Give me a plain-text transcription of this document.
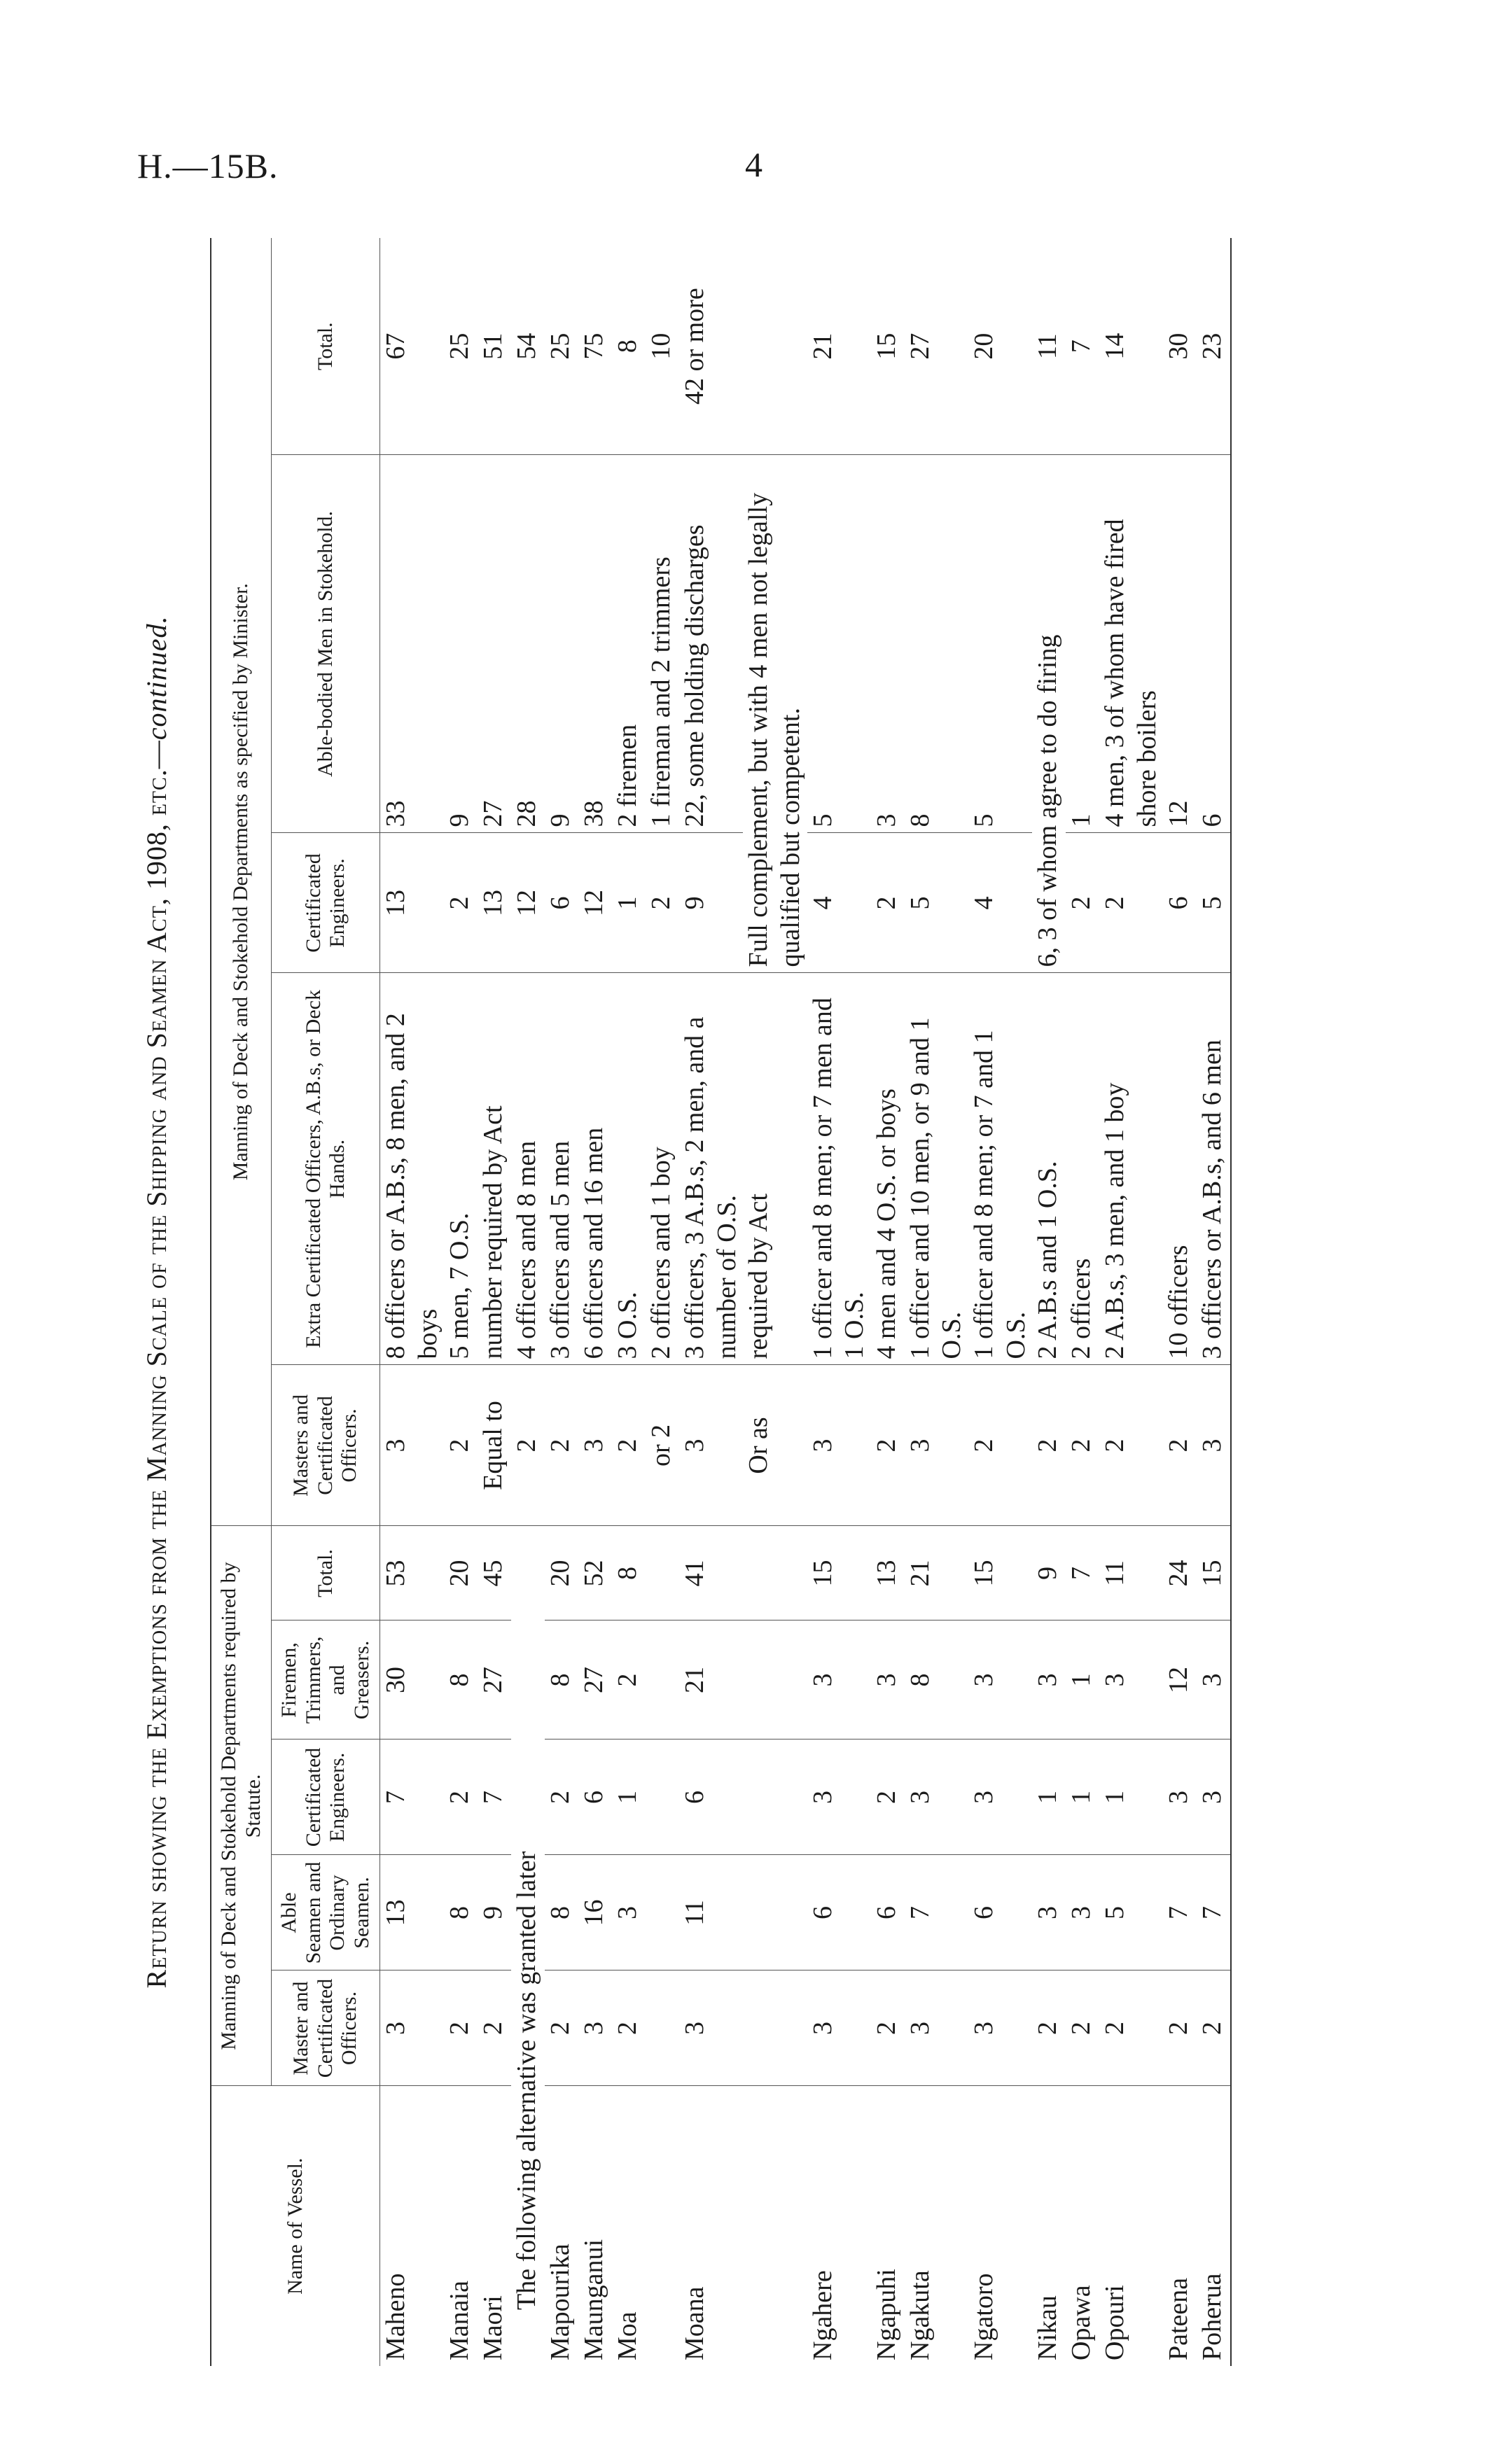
H.—15B.	4
Return showing the Exemptions from the Manning Scale of the Shipping and Seamen Act, 1908, etc.—continued.
Name of Vessel.	Manning of Deck and Stokehold Departments required by Statute.					Manning of Deck and Stokehold Departments as specified by Minister.				
	Master and Certificated Officers.	Able Seamen and Ordinary Seamen.	Certificated Engineers.	Firemen, Trimmers, and Greasers.	Total.	Masters and Certificated Officers.	Extra Certificated Officers, A.B.s, or Deck Hands.	Certificated Engineers.	Able-bodied Men in Stokehold.	Total.
Maheno	3	13	7	30	53	3	8 officers or A.B.s, 8 men, and 2 boys	13	33	67
Manaia	2	8	2	8	20	2	5 men, 7 O.S.	2	9	25
Maori	2	9	7	27	45	Equal to	number required by Act	13	27	51
The following alternative was granted later						2	4 officers and 8 men	12	28	54
Mapourika	2	8	2	8	20	2	3 officers and 5 men	6	9	25
Maunganui	3	16	6	27	52	3	6 officers and 16 men	12	38	75
Moa	2	3	1	2	8	2	3 O.S.	1	2 firemen	8
						or 2	2 officers and 1 boy	2	1 fireman and 2 trimmers	10
Moana	3	11	6	21	41	3	3 officers, 3 A.B.s, 2 men, and a number of O.S.	9	22, some holding discharges	42 or more
						Or as	required by Act	Full complement, but with 4 men not legally qualified but competent.		
Ngahere	3	6	3	3	15	3	1 officer and 8 men; or 7 men and 1 O.S.	4	5	21
Ngapuhi	2	6	2	3	13	2	4 men and 4 O.S. or boys	2	3	15
Ngakuta	3	7	3	8	21	3	1 officer and 10 men, or 9 and 1 O.S.	5	8	27
Ngatoro	3	6	3	3	15	2	1 officer and 8 men; or 7 and 1 O.S.	4	5	20
Nikau	2	3	1	3	9	2	2 A.B.s and 1 O.S.	6, 3 of whom agree to do firing		11
Opawa	2	3	1	1	7	2	2 officers	2	1	7
Opouri	2	5	1	3	11	2	2 A.B.s, 3 men, and 1 boy	2	4 men, 3 of whom have fired shore boilers	14
Pateena	2	7	3	12	24	2	10 officers	6	12	30
Poherua	2	7	3	3	15	3	3 officers or A.B.s, and 6 men	5	6	23
